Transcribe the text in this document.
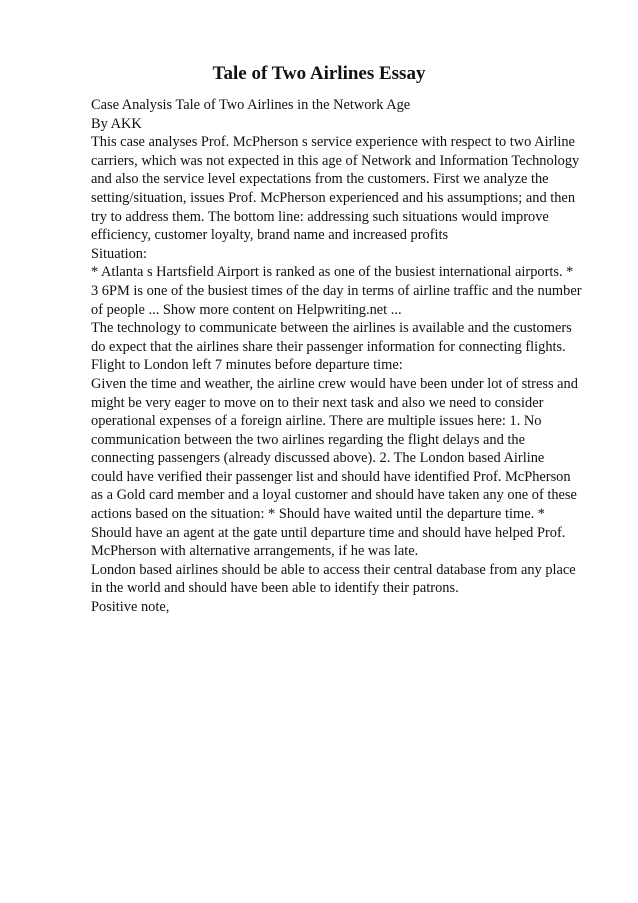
Tale of Two Airlines Essay
Case Analysis Tale of Two Airlines in the Network Age
By AKK
This case analyses Prof. McPherson s service experience with respect to two Airline
carriers, which was not expected in this age of Network and Information Technology
and also the service level expectations from the customers. First we analyze the
setting/situation, issues Prof. McPherson experienced and his assumptions; and then
try to address them. The bottom line: addressing such situations would improve
efficiency, customer loyalty, brand name and increased profits
Situation:
* Atlanta s Hartsfield Airport is ranked as one of the busiest international airports. *
3 6PM is one of the busiest times of the day in terms of airline traffic and the number
of people ... Show more content on Helpwriting.net ...
The technology to communicate between the airlines is available and the customers
do expect that the airlines share their passenger information for connecting flights.
Flight to London left 7 minutes before departure time:
Given the time and weather, the airline crew would have been under lot of stress and
might be very eager to move on to their next task and also we need to consider
operational expenses of a foreign airline. There are multiple issues here: 1. No
communication between the two airlines regarding the flight delays and the
connecting passengers (already discussed above). 2. The London based Airline
could have verified their passenger list and should have identified Prof. McPherson
as a Gold card member and a loyal customer and should have taken any one of these
actions based on the situation: * Should have waited until the departure time. *
Should have an agent at the gate until departure time and should have helped Prof.
McPherson with alternative arrangements, if he was late.
London based airlines should be able to access their central database from any place
in the world and should have been able to identify their patrons.
Positive note,
